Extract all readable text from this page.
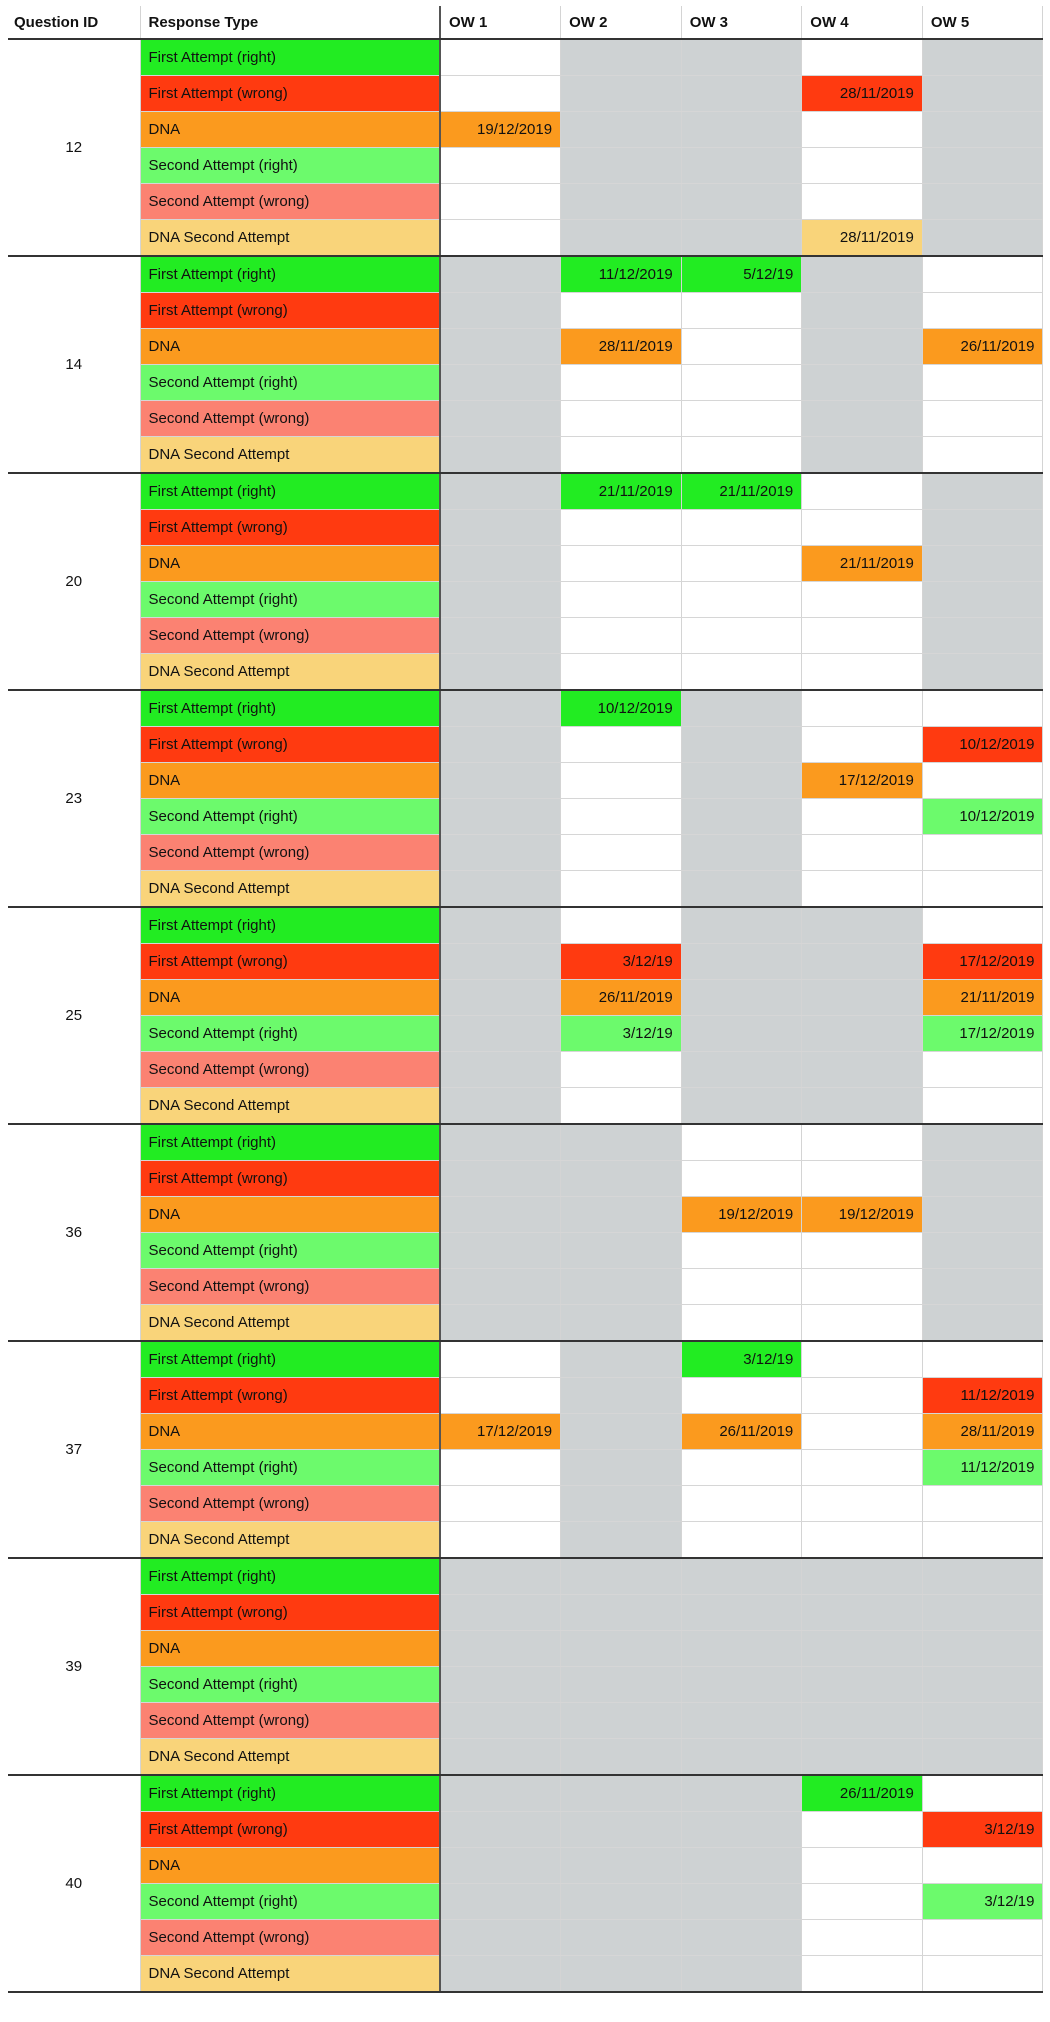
Question ID	Response Type	OW 1	OW 2	OW 3	OW 4	OW 5
12	First Attempt (right)					
	First Attempt (wrong)				28/11/2019	
	DNA	19/12/2019				
	Second Attempt (right)					
	Second Attempt (wrong)					
	DNA Second Attempt				28/11/2019	
14	First Attempt (right)		11/12/2019	5/12/19		
	First Attempt (wrong)					
	DNA		28/11/2019			26/11/2019
	Second Attempt (right)					
	Second Attempt (wrong)					
	DNA Second Attempt					
20	First Attempt (right)		21/11/2019	21/11/2019		
	First Attempt (wrong)					
	DNA				21/11/2019	
	Second Attempt (right)					
	Second Attempt (wrong)					
	DNA Second Attempt					
23	First Attempt (right)		10/12/2019			
	First Attempt (wrong)					10/12/2019
	DNA				17/12/2019	
	Second Attempt (right)					10/12/2019
	Second Attempt (wrong)					
	DNA Second Attempt					
25	First Attempt (right)					
	First Attempt (wrong)		3/12/19			17/12/2019
	DNA		26/11/2019			21/11/2019
	Second Attempt (right)		3/12/19			17/12/2019
	Second Attempt (wrong)					
	DNA Second Attempt					
36	First Attempt (right)					
	First Attempt (wrong)					
	DNA			19/12/2019	19/12/2019	
	Second Attempt (right)					
	Second Attempt (wrong)					
	DNA Second Attempt					
37	First Attempt (right)			3/12/19		
	First Attempt (wrong)					11/12/2019
	DNA	17/12/2019		26/11/2019		28/11/2019
	Second Attempt (right)					11/12/2019
	Second Attempt (wrong)					
	DNA Second Attempt					
39	First Attempt (right)					
	First Attempt (wrong)					
	DNA					
	Second Attempt (right)					
	Second Attempt (wrong)					
	DNA Second Attempt					
40	First Attempt (right)				26/11/2019	
	First Attempt (wrong)					3/12/19
	DNA					
	Second Attempt (right)					3/12/19
	Second Attempt (wrong)					
	DNA Second Attempt					
